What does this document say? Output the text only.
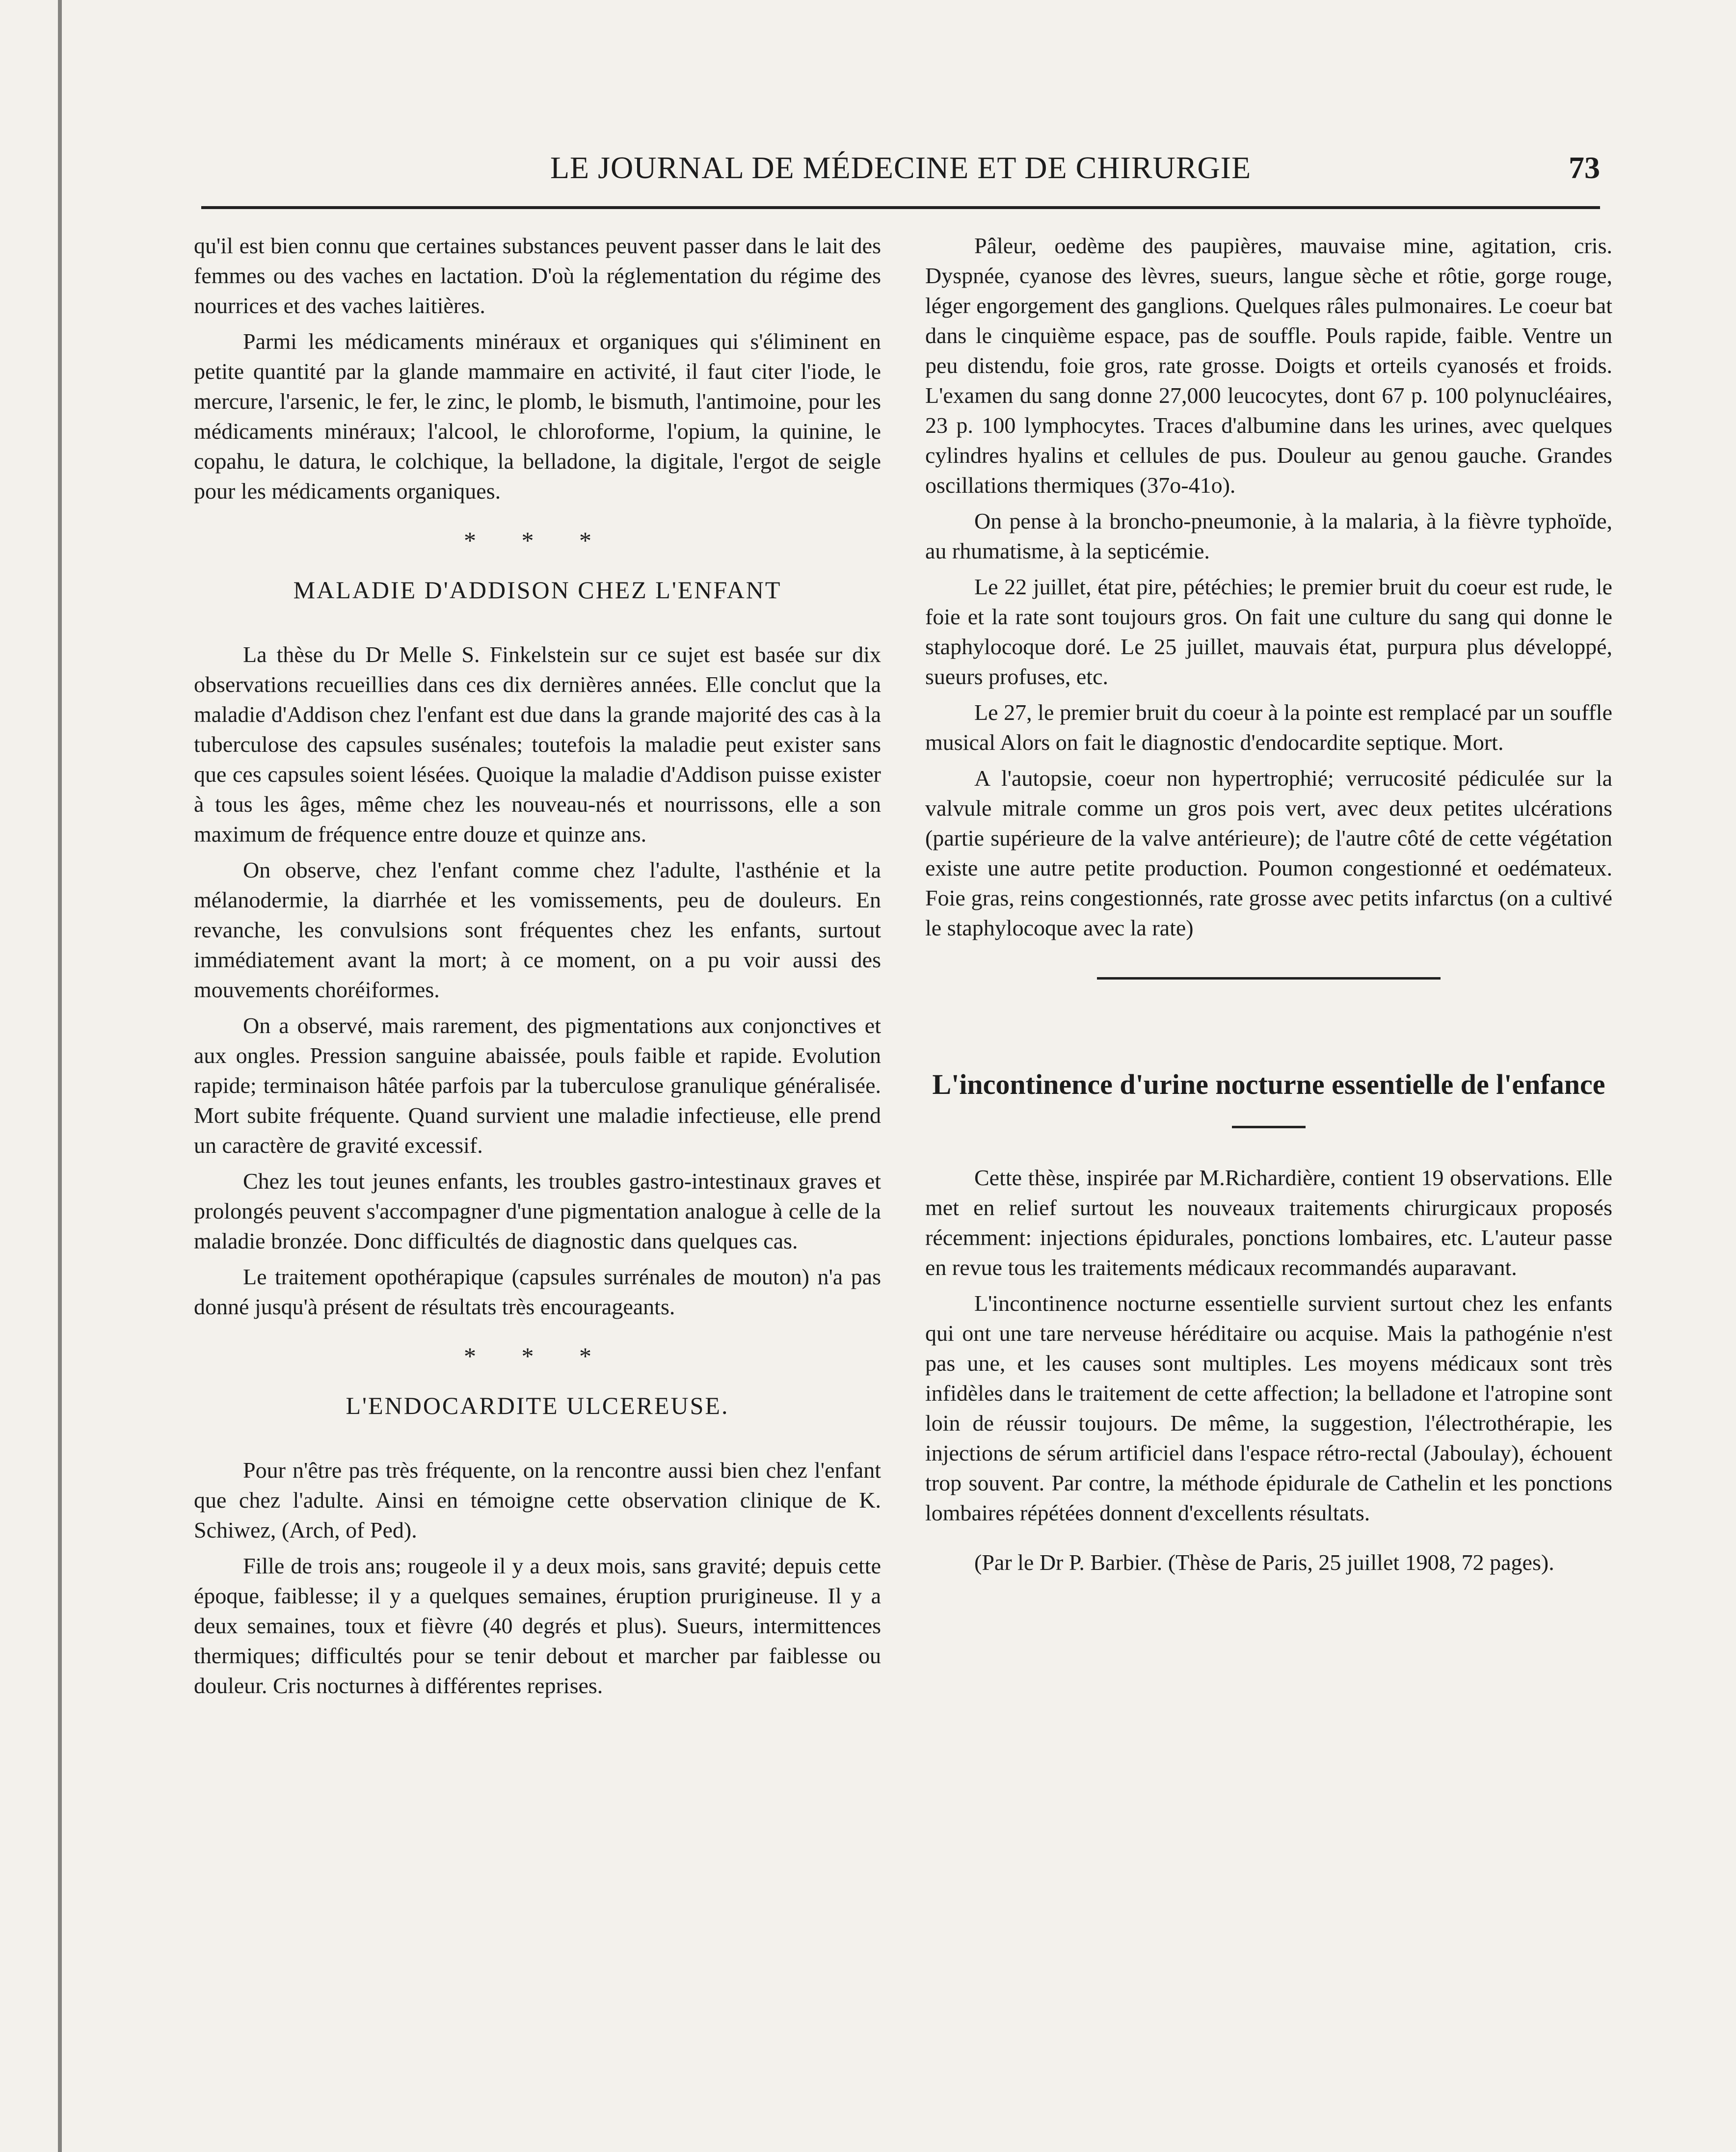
LE JOURNAL DE MÉDECINE ET DE CHIRURGIE	73

qu'il est bien connu que certaines substances peuvent passer dans le lait des femmes ou des vaches en lactation. D'où la réglementation du régime des nourrices et des vaches laitières.

Parmi les médicaments minéraux et organiques qui s'éliminent en petite quantité par la glande mammaire en activité, il faut citer l'iode, le mercure, l'arsenic, le fer, le zinc, le plomb, le bismuth, l'antimoine, pour les médicaments minéraux; l'alcool, le chloroforme, l'opium, la quinine, le copahu, le datura, le colchique, la belladone, la digitale, l'ergot de seigle pour les médicaments organiques.

* * *
MALADIE D'ADDISON CHEZ L'ENFANT

La thèse du Dr Melle S. Finkelstein sur ce sujet est basée sur dix observations recueillies dans ces dix dernières années. Elle conclut que la maladie d'Addison chez l'enfant est due dans la grande majorité des cas à la tuberculose des capsules susénales; toutefois la maladie peut exister sans que ces capsules soient lésées. Quoique la maladie d'Addison puisse exister à tous les âges, même chez les nouveau-nés et nourrissons, elle a son maximum de fréquence entre douze et quinze ans.

On observe, chez l'enfant comme chez l'adulte, l'asthénie et la mélanodermie, la diarrhée et les vomissements, peu de douleurs. En revanche, les convulsions sont fréquentes chez les enfants, surtout immédiatement avant la mort; à ce moment, on a pu voir aussi des mouvements choréiformes.

On a observé, mais rarement, des pigmentations aux conjonctives et aux ongles. Pression sanguine abaissée, pouls faible et rapide. Evolution rapide; terminaison hâtée parfois par la tuberculose granulique généralisée. Mort subite fréquente. Quand survient une maladie infectieuse, elle prend un caractère de gravité excessif.

Chez les tout jeunes enfants, les troubles gastro-intestinaux graves et prolongés peuvent s'accompagner d'une pigmentation analogue à celle de la maladie bronzée. Donc difficultés de diagnostic dans quelques cas.

Le traitement opothérapique (capsules surrénales de mouton) n'a pas donné jusqu'à présent de résultats très encourageants.

* * *
L'ENDOCARDITE ULCEREUSE.

Pour n'être pas très fréquente, on la rencontre aussi bien chez l'enfant que chez l'adulte. Ainsi en témoigne cette observation clinique de K. Schiwez, (Arch, of Ped).

Fille de trois ans; rougeole il y a deux mois, sans gravité; depuis cette époque, faiblesse; il y a quelques semaines, éruption prurigineuse. Il y a deux semaines, toux et fièvre (40 degrés et plus). Sueurs, intermittences thermiques; difficultés pour se tenir debout et marcher par faiblesse ou douleur. Cris nocturnes à différentes reprises.

Pâleur, oedème des paupières, mauvaise mine, agitation, cris. Dyspnée, cyanose des lèvres, sueurs, langue sèche et rôtie, gorge rouge, léger engorgement des ganglions. Quelques râles pulmonaires. Le coeur bat dans le cinquième espace, pas de souffle. Pouls rapide, faible. Ventre un peu distendu, foie gros, rate grosse. Doigts et orteils cyanosés et froids. L'examen du sang donne 27,000 leucocytes, dont 67 p. 100 polynucléaires, 23 p. 100 lymphocytes. Traces d'albumine dans les urines, avec quelques cylindres hyalins et cellules de pus. Douleur au genou gauche. Grandes oscillations thermiques (37o-41o).

On pense à la broncho-pneumonie, à la malaria, à la fièvre typhoïde, au rhumatisme, à la septicémie.

Le 22 juillet, état pire, pétéchies; le premier bruit du coeur est rude, le foie et la rate sont toujours gros. On fait une culture du sang qui donne le staphylocoque doré. Le 25 juillet, mauvais état, purpura plus développé, sueurs profuses, etc.

Le 27, le premier bruit du coeur à la pointe est remplacé par un souffle musical Alors on fait le diagnostic d'endocardite septique. Mort.

A l'autopsie, coeur non hypertrophié; verrucosité pédiculée sur la valvule mitrale comme un gros pois vert, avec deux petites ulcérations (partie supérieure de la valve antérieure); de l'autre côté de cette végétation existe une autre petite production. Poumon congestionné et oedémateux. Foie gras, reins congestionnés, rate grosse avec petits infarctus (on a cultivé le staphylocoque avec la rate)

L'incontinence d'urine nocturne essentielle de l'enfance

Cette thèse, inspirée par M.Richardière, contient 19 observations. Elle met en relief surtout les nouveaux traitements chirurgicaux proposés récemment: injections épidurales, ponctions lombaires, etc. L'auteur passe en revue tous les traitements médicaux recommandés auparavant.

L'incontinence nocturne essentielle survient surtout chez les enfants qui ont une tare nerveuse héréditaire ou acquise. Mais la pathogénie n'est pas une, et les causes sont multiples. Les moyens médicaux sont très infidèles dans le traitement de cette affection; la belladone et l'atropine sont loin de réussir toujours. De même, la suggestion, l'électrothérapie, les injections de sérum artificiel dans l'espace rétro-rectal (Jaboulay), échouent trop souvent. Par contre, la méthode épidurale de Cathelin et les ponctions lombaires répétées donnent d'excellents résultats.

(Par le Dr P. Barbier. (Thèse de Paris, 25 juillet 1908, 72 pages).
